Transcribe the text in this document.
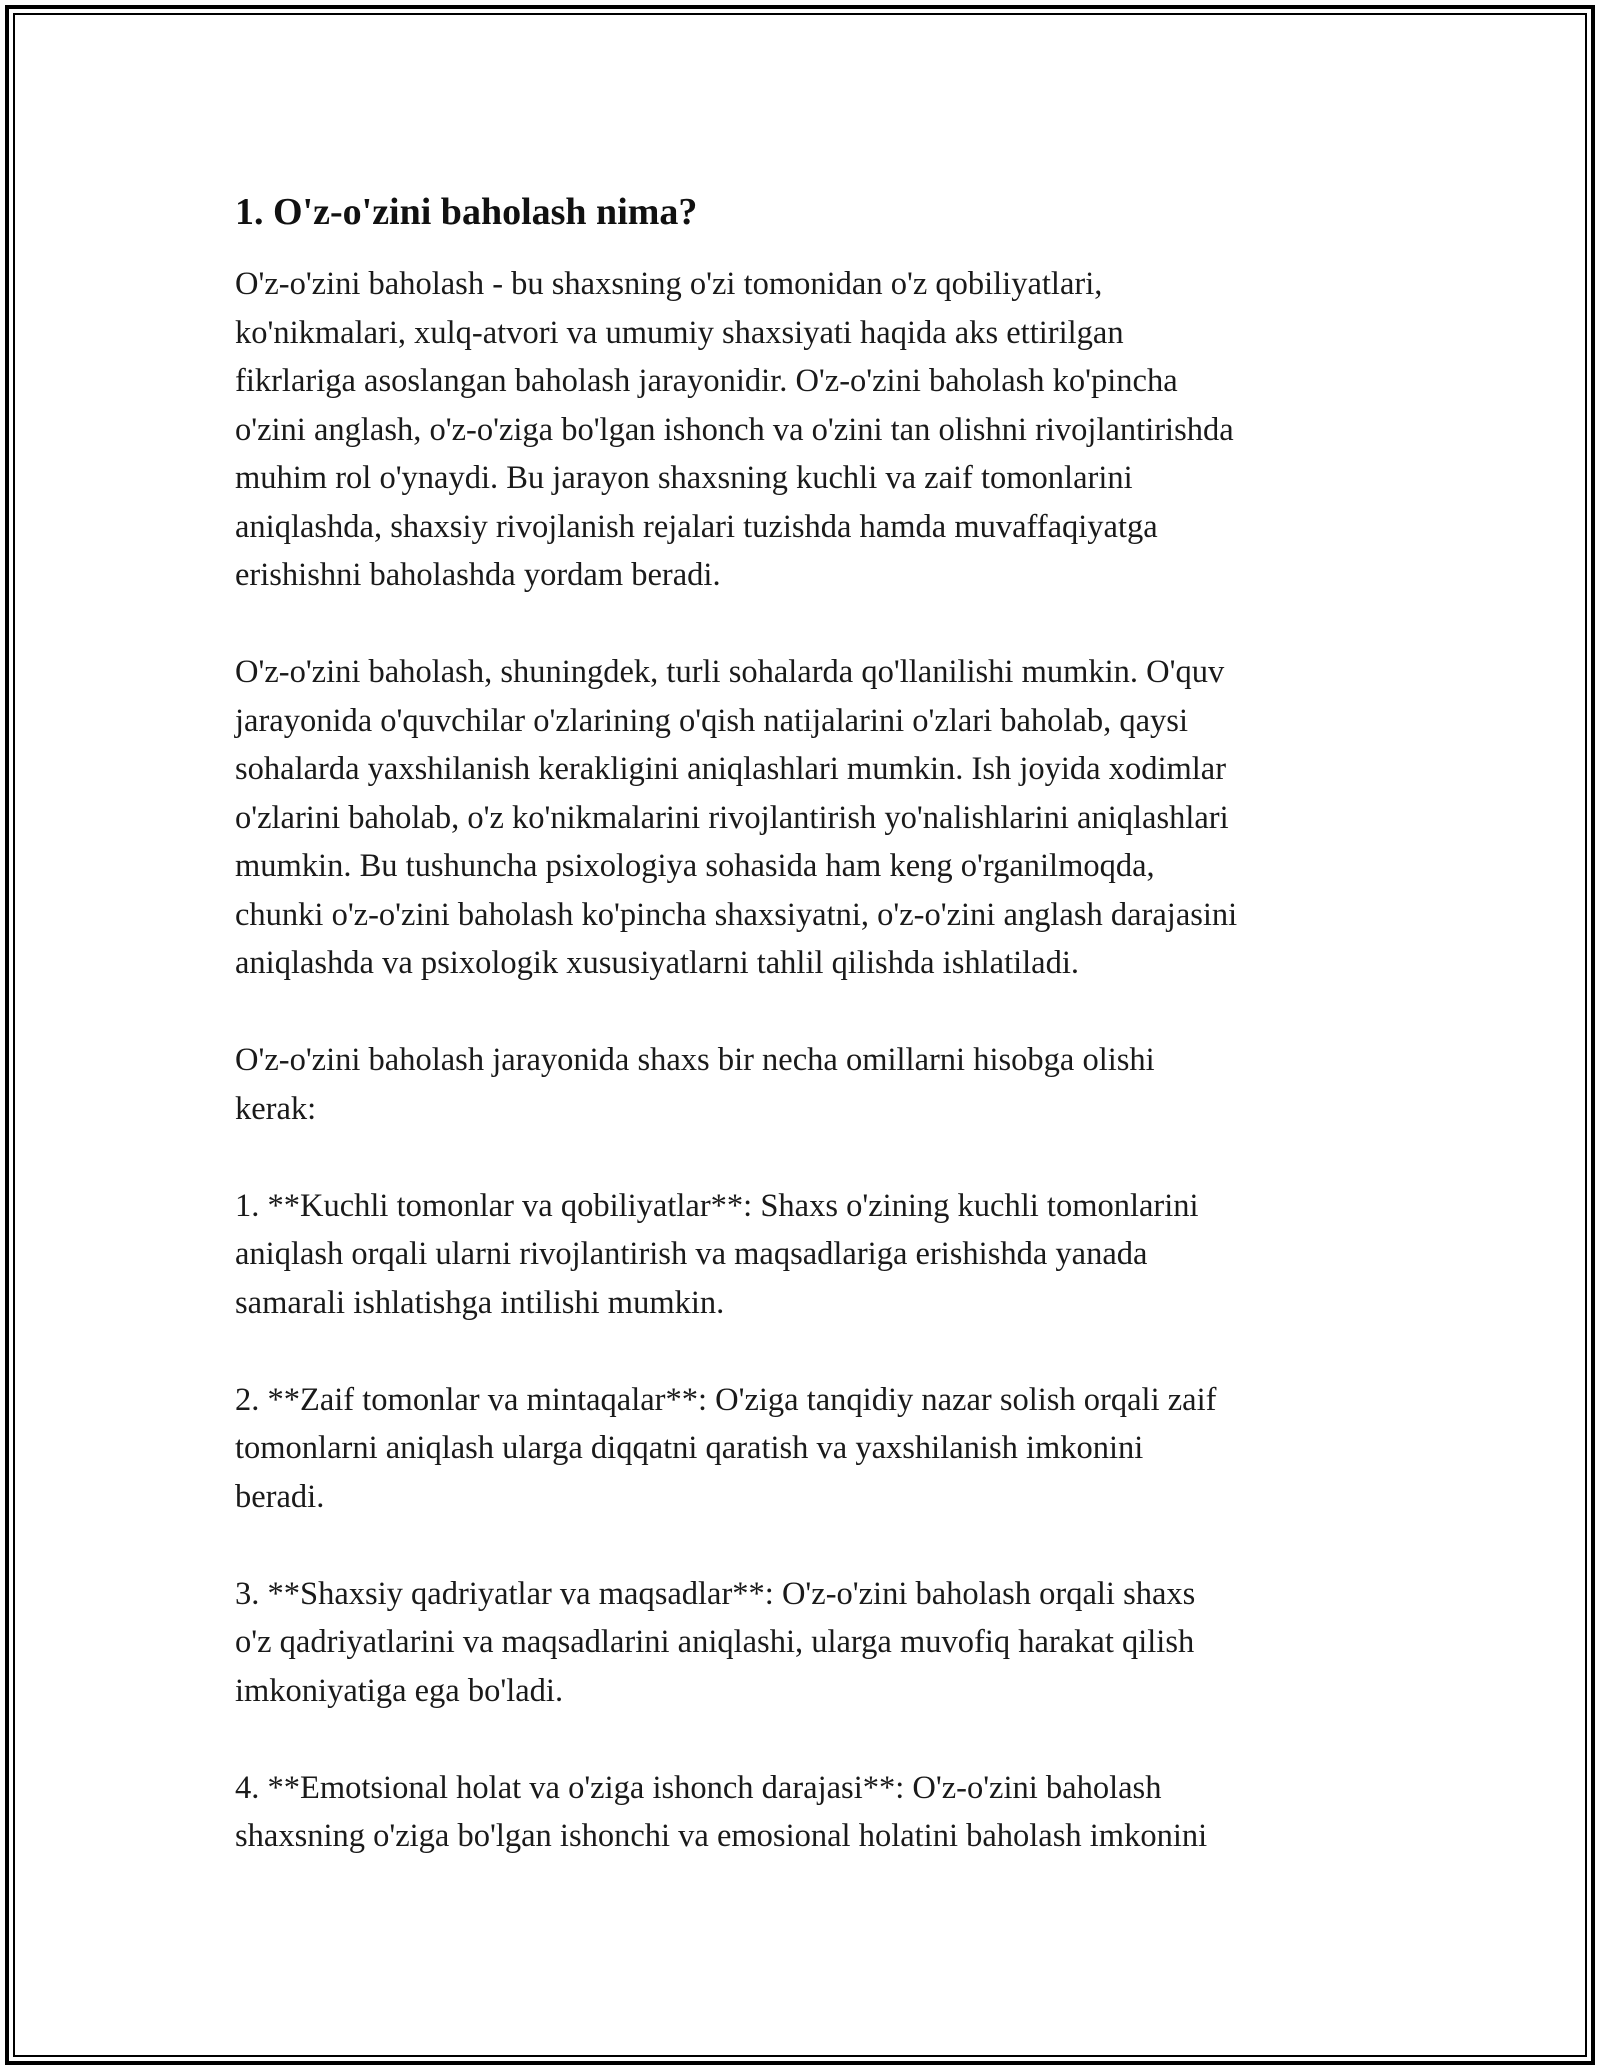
1. O'z-o'zini baholash nima?
O'z-o'zini baholash - bu shaxsning o'zi tomonidan o'z qobiliyatlari,
ko'nikmalari, xulq-atvori va umumiy shaxsiyati haqida aks ettirilgan
fikrlariga asoslangan baholash jarayonidir. O'z-o'zini baholash ko'pincha
o'zini anglash, o'z-o'ziga bo'lgan ishonch va o'zini tan olishni rivojlantirishda
muhim rol o'ynaydi. Bu jarayon shaxsning kuchli va zaif tomonlarini
aniqlashda, shaxsiy rivojlanish rejalari tuzishda hamda muvaffaqiyatga
erishishni baholashda yordam beradi.
O'z-o'zini baholash, shuningdek, turli sohalarda qo'llanilishi mumkin. O'quv
jarayonida o'quvchilar o'zlarining o'qish natijalarini o'zlari baholab, qaysi
sohalarda yaxshilanish kerakligini aniqlashlari mumkin. Ish joyida xodimlar
o'zlarini baholab, o'z ko'nikmalarini rivojlantirish yo'nalishlarini aniqlashlari
mumkin. Bu tushuncha psixologiya sohasida ham keng o'rganilmoqda,
chunki o'z-o'zini baholash ko'pincha shaxsiyatni, o'z-o'zini anglash darajasini
aniqlashda va psixologik xususiyatlarni tahlil qilishda ishlatiladi.
O'z-o'zini baholash jarayonida shaxs bir necha omillarni hisobga olishi
kerak:
1. **Kuchli tomonlar va qobiliyatlar**: Shaxs o'zining kuchli tomonlarini
aniqlash orqali ularni rivojlantirish va maqsadlariga erishishda yanada
samarali ishlatishga intilishi mumkin.
2. **Zaif tomonlar va mintaqalar**: O'ziga tanqidiy nazar solish orqali zaif
tomonlarni aniqlash ularga diqqatni qaratish va yaxshilanish imkonini
beradi.
3. **Shaxsiy qadriyatlar va maqsadlar**: O'z-o'zini baholash orqali shaxs
o'z qadriyatlarini va maqsadlarini aniqlashi, ularga muvofiq harakat qilish
imkoniyatiga ega bo'ladi.
4. **Emotsional holat va o'ziga ishonch darajasi**: O'z-o'zini baholash
shaxsning o'ziga bo'lgan ishonchi va emosional holatini baholash imkonini
